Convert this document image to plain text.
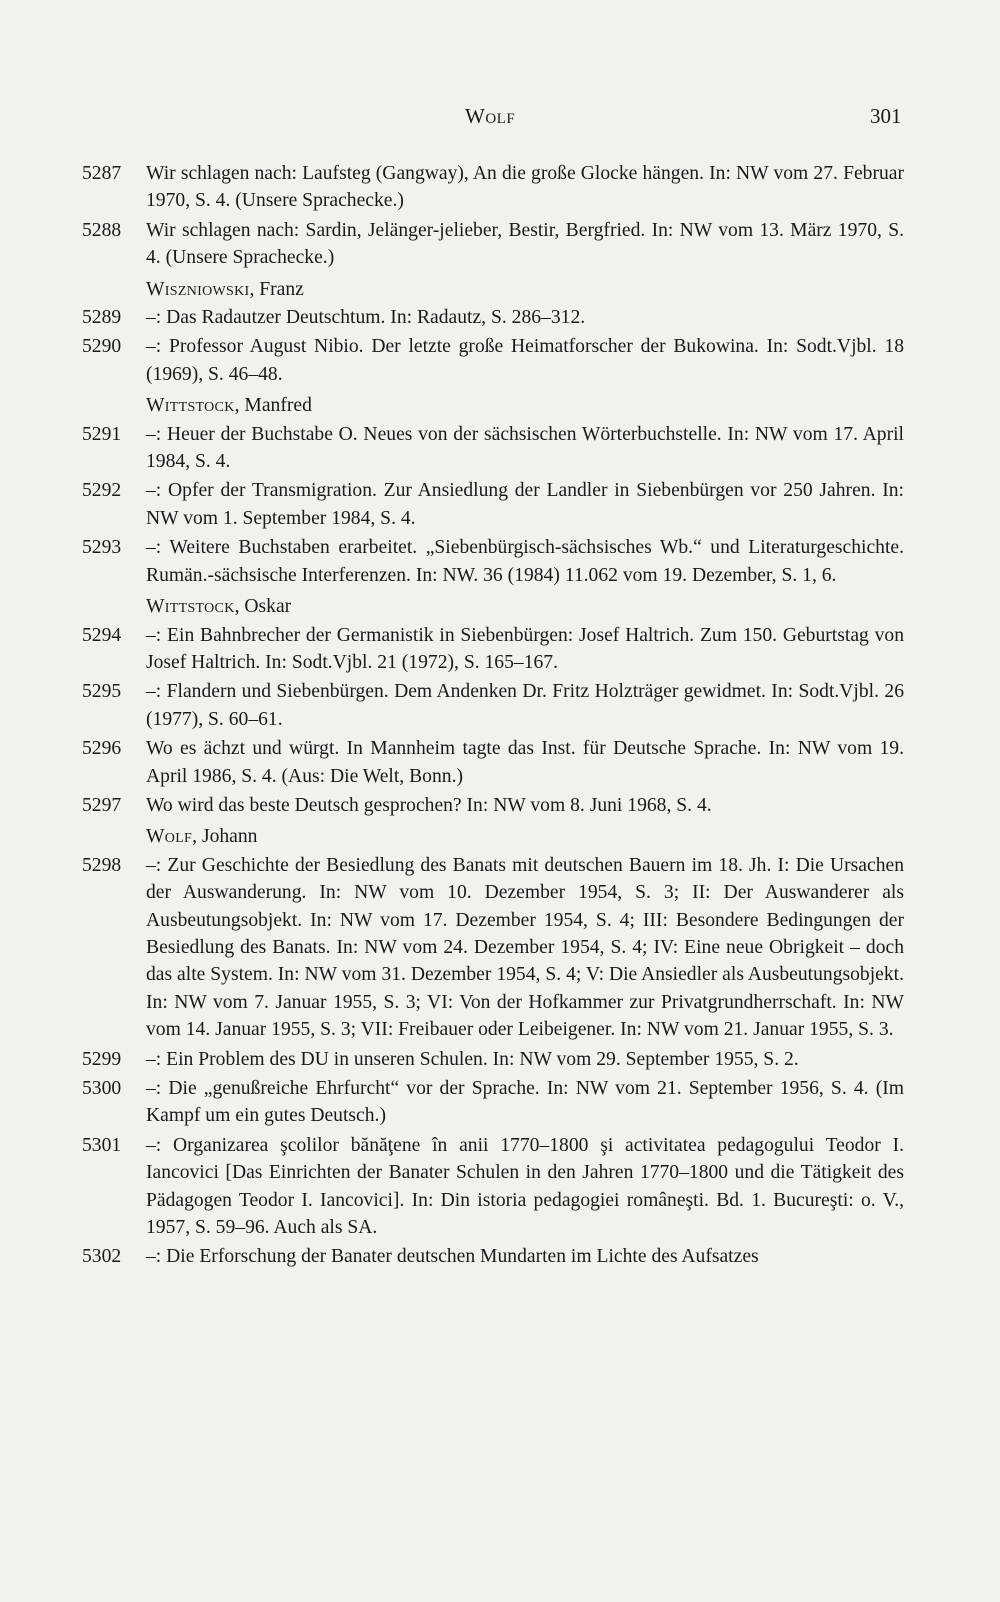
Wolf	301
5287	Wir schlagen nach: Laufsteg (Gangway), An die große Glocke hängen. In: NW vom 27. Februar 1970, S. 4. (Unsere Sprachecke.)
5288	Wir schlagen nach: Sardin, Jelänger-jelieber, Bestir, Bergfried. In: NW vom 13. März 1970, S. 4. (Unsere Sprachecke.)
Wiszniowski, Franz
5289	–: Das Radautzer Deutschtum. In: Radautz, S. 286–312.
5290	–: Professor August Nibio. Der letzte große Heimatforscher der Bukowina. In: Sodt.Vjbl. 18 (1969), S. 46–48.
Wittstock, Manfred
5291	–: Heuer der Buchstabe O. Neues von der sächsischen Wörterbuchstelle. In: NW vom 17. April 1984, S. 4.
5292	–: Opfer der Transmigration. Zur Ansiedlung der Landler in Siebenbürgen vor 250 Jahren. In: NW vom 1. September 1984, S. 4.
5293	–: Weitere Buchstaben erarbeitet. „Siebenbürgisch-sächsisches Wb.“ und Literaturgeschichte. Rumän.-sächsische Interferenzen. In: NW. 36 (1984) 11.062 vom 19. Dezember, S. 1, 6.
Wittstock, Oskar
5294	–: Ein Bahnbrecher der Germanistik in Siebenbürgen: Josef Haltrich. Zum 150. Geburtstag von Josef Haltrich. In: Sodt.Vjbl. 21 (1972), S. 165–167.
5295	–: Flandern und Siebenbürgen. Dem Andenken Dr. Fritz Holzträger gewidmet. In: Sodt.Vjbl. 26 (1977), S. 60–61.
5296	Wo es ächzt und würgt. In Mannheim tagte das Inst. für Deutsche Sprache. In: NW vom 19. April 1986, S. 4. (Aus: Die Welt, Bonn.)
5297	Wo wird das beste Deutsch gesprochen? In: NW vom 8. Juni 1968, S. 4.
Wolf, Johann
5298	–: Zur Geschichte der Besiedlung des Banats mit deutschen Bauern im 18. Jh. I: Die Ursachen der Auswanderung. In: NW vom 10. Dezember 1954, S. 3; II: Der Auswanderer als Ausbeutungsobjekt. In: NW vom 17. Dezember 1954, S. 4; III: Besondere Bedingungen der Besiedlung des Banats. In: NW vom 24. Dezember 1954, S. 4; IV: Eine neue Obrigkeit – doch das alte System. In: NW vom 31. Dezember 1954, S. 4; V: Die Ansiedler als Ausbeutungsobjekt. In: NW vom 7. Januar 1955, S. 3; VI: Von der Hofkammer zur Privatgrundherrschaft. In: NW vom 14. Januar 1955, S. 3; VII: Freibauer oder Leibeigener. In: NW vom 21. Januar 1955, S. 3.
5299	–: Ein Problem des DU in unseren Schulen. In: NW vom 29. September 1955, S. 2.
5300	–: Die „genußreiche Ehrfurcht“ vor der Sprache. In: NW vom 21. September 1956, S. 4. (Im Kampf um ein gutes Deutsch.)
5301	–: Organizarea şcolilor bănăţene în anii 1770–1800 şi activitatea pedagogului Teodor I. Iancovici [Das Einrichten der Banater Schulen in den Jahren 1770–1800 und die Tätigkeit des Pädagogen Teodor I. Iancovici]. In: Din istoria pedagogiei româneşti. Bd. 1. Bucureşti: o. V., 1957, S. 59–96. Auch als SA.
5302	–: Die Erforschung der Banater deutschen Mundarten im Lichte des Aufsatzes
